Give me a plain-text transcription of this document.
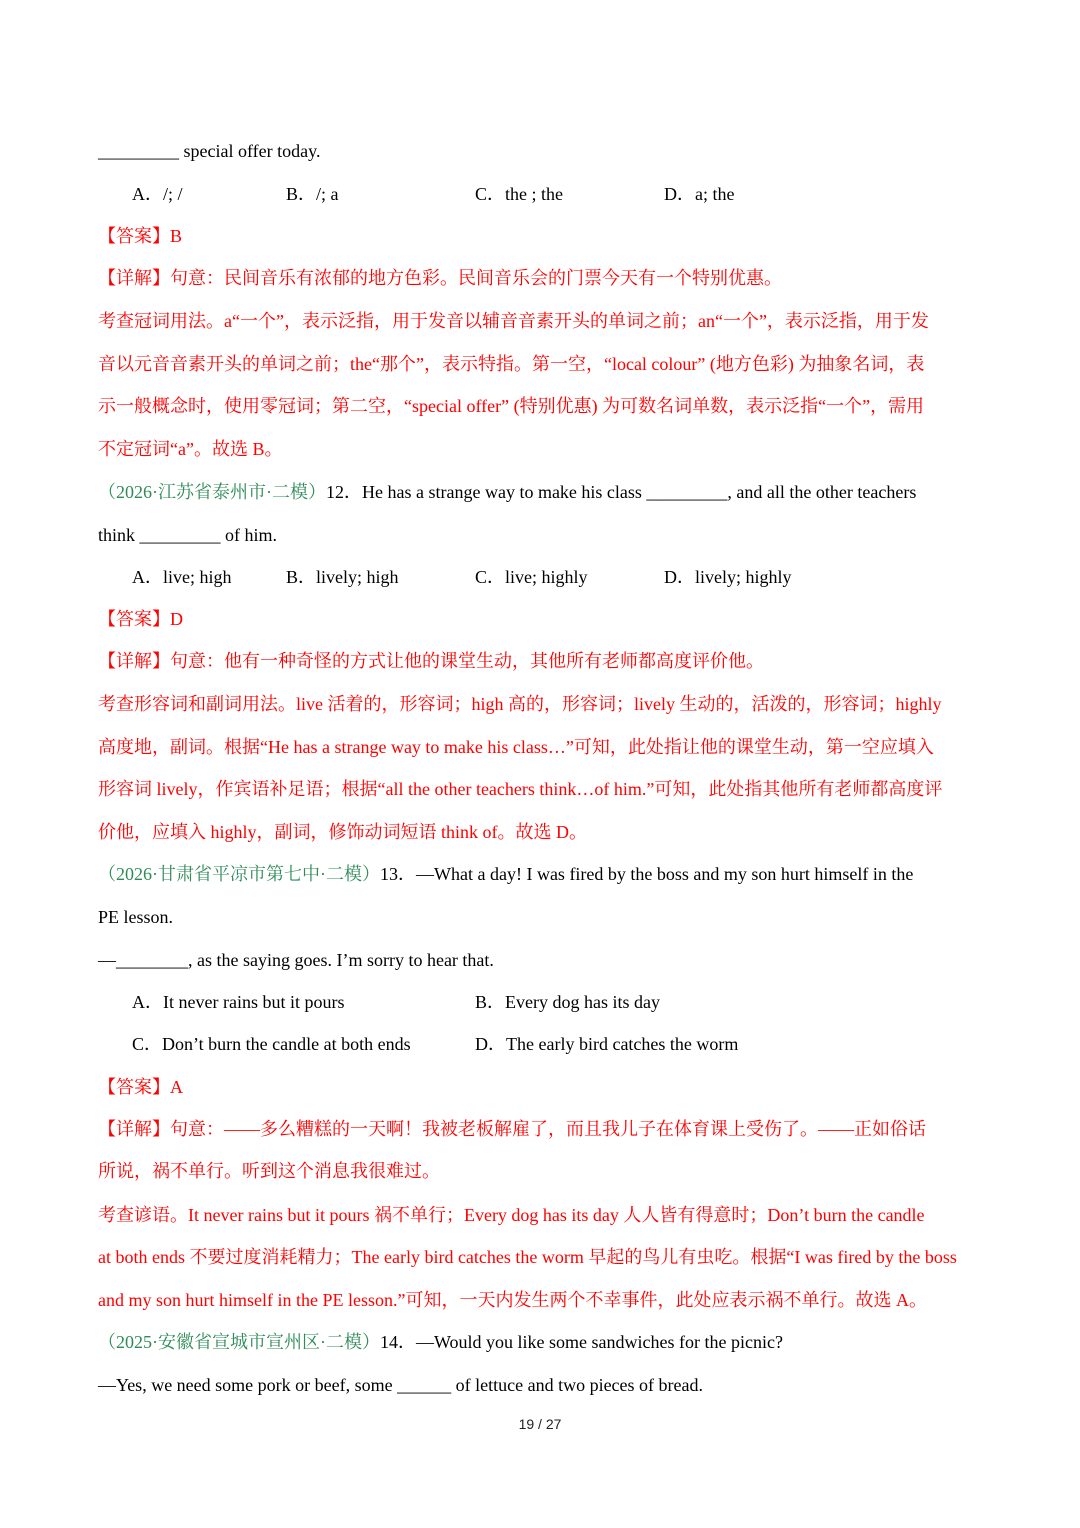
_________ special offer today.
A．/; /	B．/; a	C．the ; the	D．a; the
【答案】B
【详解】句意：民间音乐有浓郁的地方色彩。民间音乐会的门票今天有一个特别优惠。
考查冠词用法。a“一个”，表示泛指，用于发音以辅音音素开头的单词之前；an“一个”，表示泛指，用于发
音以元音音素开头的单词之前；the“那个”，表示特指。第一空，“local colour” (地方色彩) 为抽象名词，表
示一般概念时，使用零冠词；第二空，“special offer” (特别优惠) 为可数名词单数，表示泛指“一个”，需用
不定冠词“a”。故选 B。
（2026·江苏省泰州市·二模）12．He has a strange way to make his class _________, and all the other teachers
think _________ of him.
A．live; high	B．lively; high	C．live; highly	D．lively; highly
【答案】D
【详解】句意：他有一种奇怪的方式让他的课堂生动，其他所有老师都高度评价他。
考查形容词和副词用法。live 活着的，形容词；high 高的，形容词；lively 生动的，活泼的，形容词；highly
高度地，副词。根据“He has a strange way to make his class…”可知，此处指让他的课堂生动，第一空应填入
形容词 lively，作宾语补足语；根据“all the other teachers think…of him.”可知，此处指其他所有老师都高度评
价他，应填入 highly，副词，修饰动词短语 think of。故选 D。
（2026·甘肃省平凉市第七中·二模）13．—What a day! I was fired by the boss and my son hurt himself in the
PE lesson.
—________, as the saying goes. I’m sorry to hear that.
A．It never rains but it pours	B．Every dog has its day
C．Don’t burn the candle at both ends	D．The early bird catches the worm
【答案】A
【详解】句意：——多么糟糕的一天啊！我被老板解雇了，而且我儿子在体育课上受伤了。——正如俗话
所说，祸不单行。听到这个消息我很难过。
考查谚语。It never rains but it pours 祸不单行；Every dog has its day 人人皆有得意时；Don’t burn the candle
at both ends 不要过度消耗精力；The early bird catches the worm 早起的鸟儿有虫吃。根据“I was fired by the boss
and my son hurt himself in the PE lesson.”可知，一天内发生两个不幸事件，此处应表示祸不单行。故选 A。
（2025·安徽省宣城市宣州区·二模）14．—Would you like some sandwiches for the picnic?
—Yes, we need some pork or beef, some ______ of lettuce and two pieces of bread.
19 / 27
